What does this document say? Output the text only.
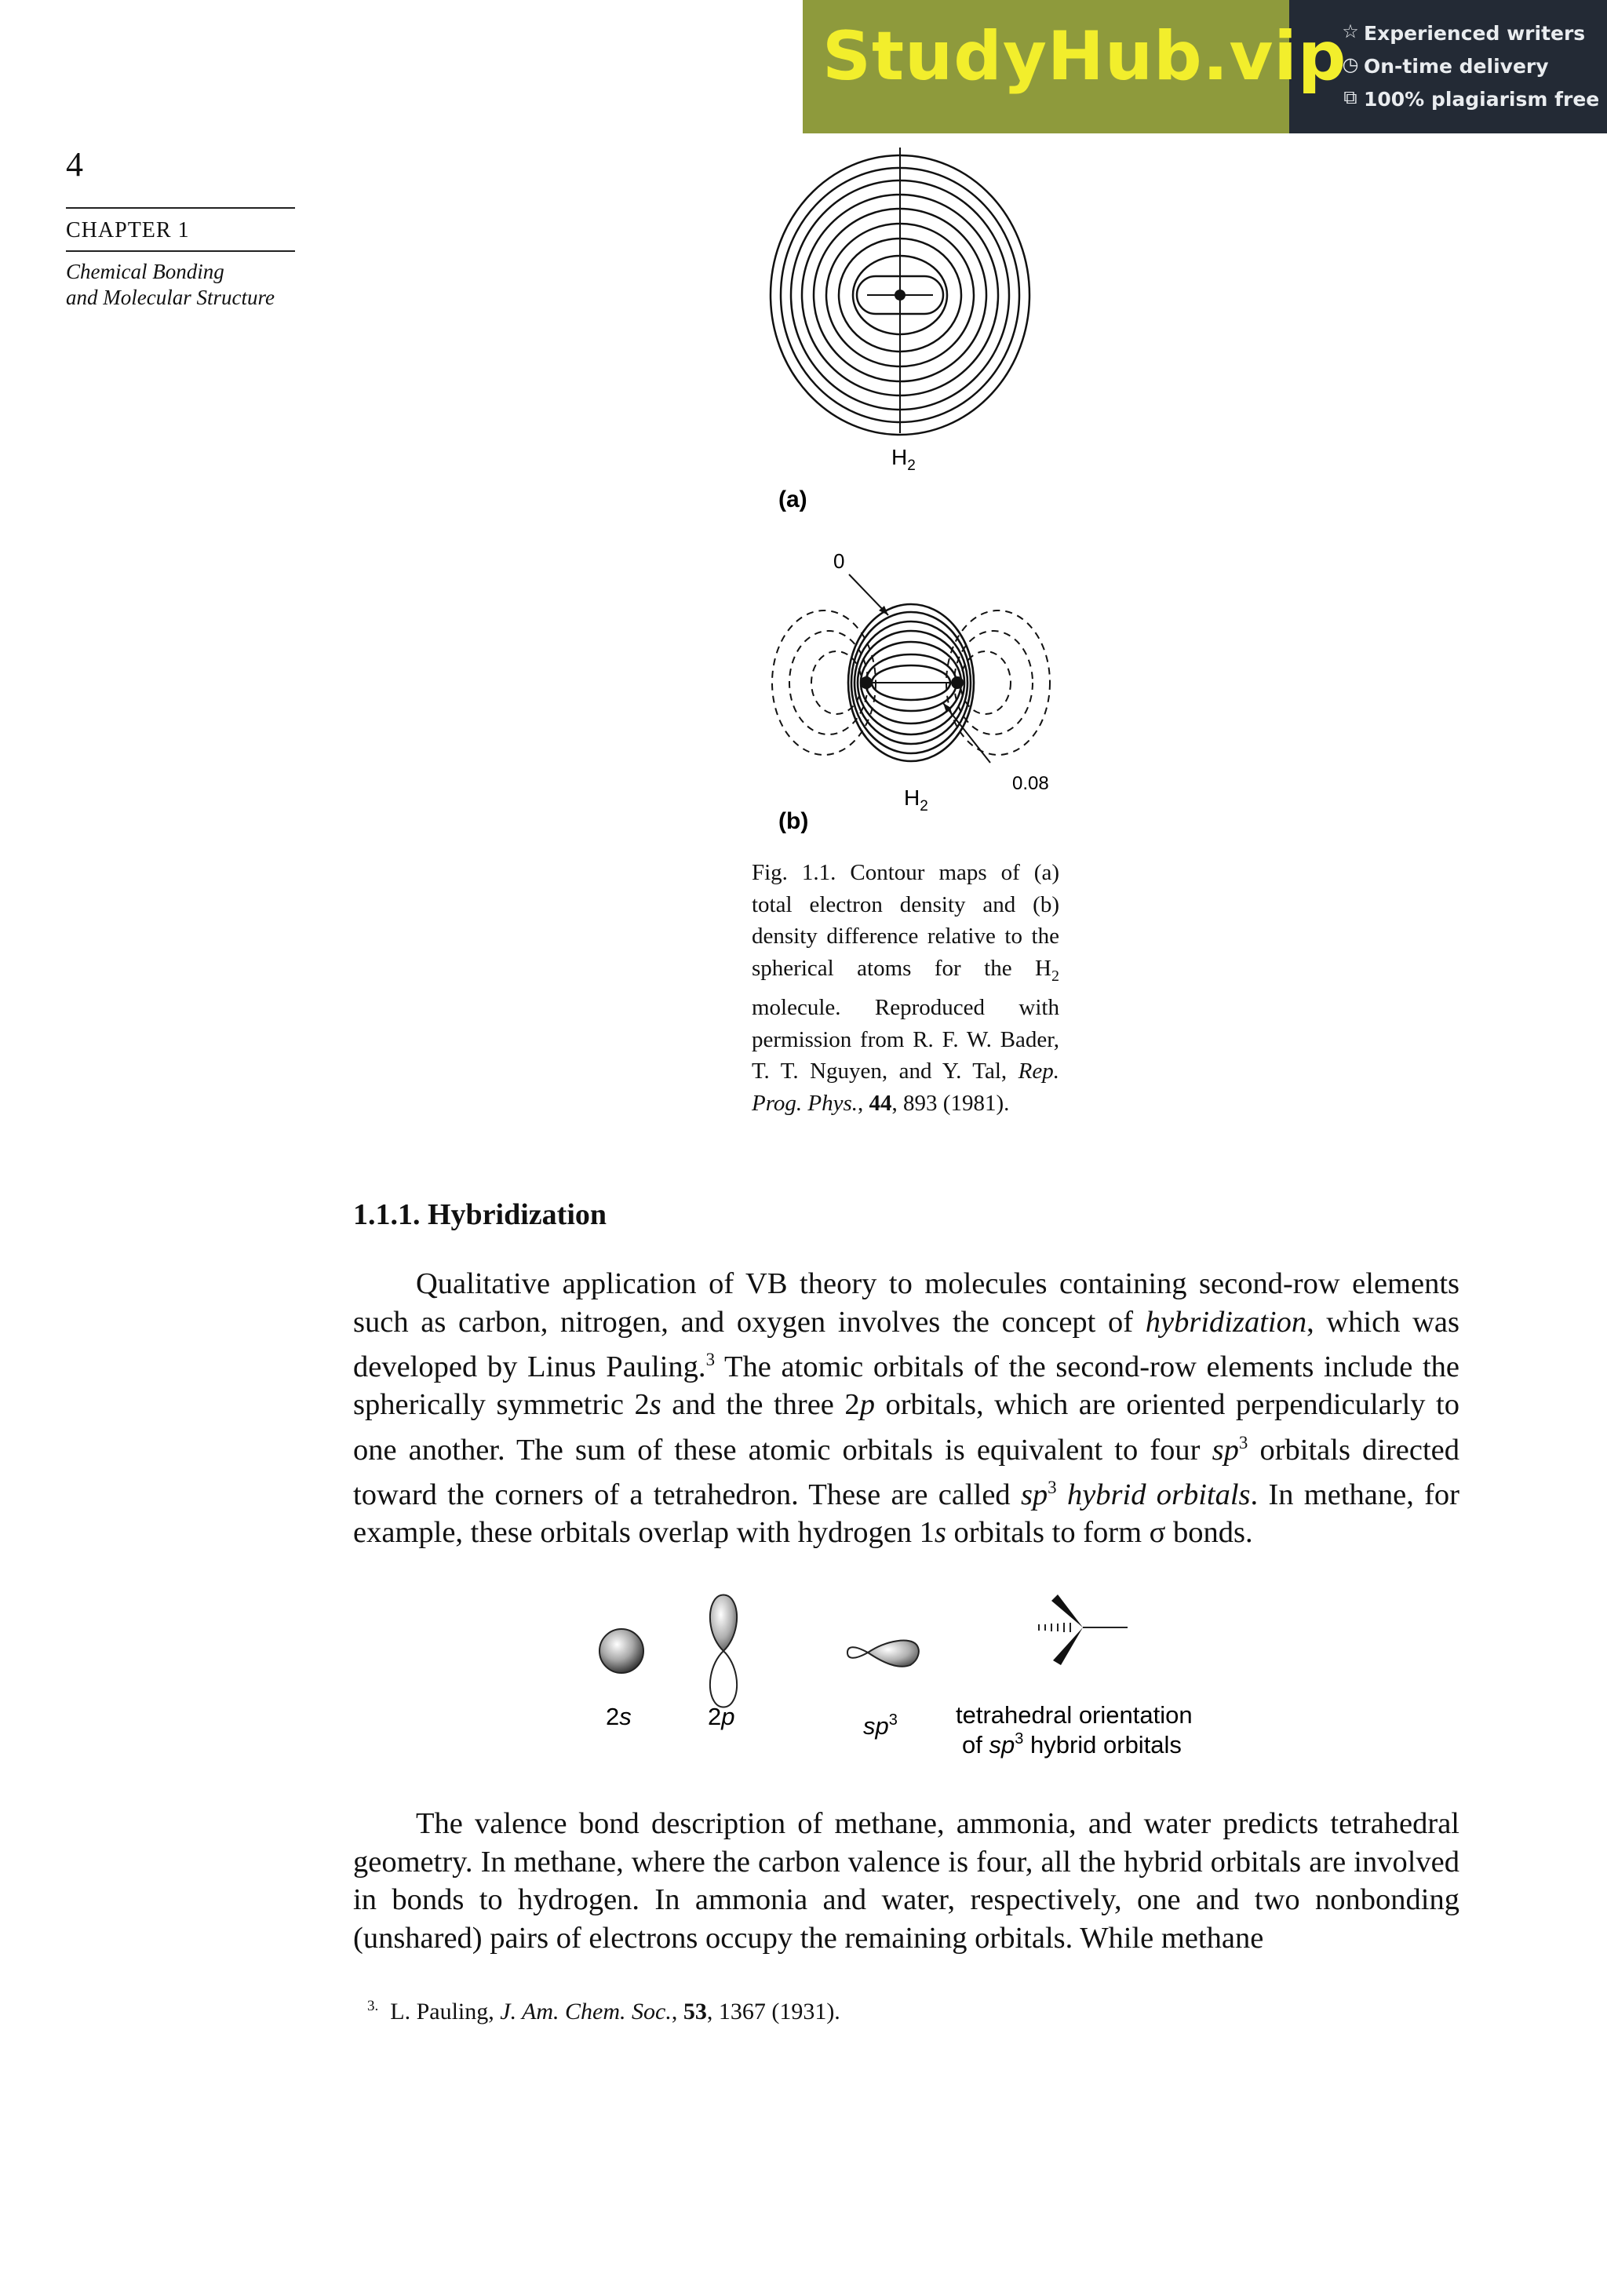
StudyHub.vip
☆ Experienced writers
◷ On-time delivery
⧉ 100% plagiarism free
4
CHAPTER 1
Chemical Bonding
and Molecular Structure
$H_2$
(a)
0
0.08
$H_2$
(b)
Fig. 1.1. Contour maps of (a) total electron density and (b) density difference relative to the spherical atoms for the $H_2$ molecule. Reproduced with permission from R. F. W. Bader, T. T. Nguyen, and Y. Tal, Rep. Prog. Phys., 44, 893 (1981).
1.1.1. Hybridization

Qualitative application of VB theory to molecules containing second-row elements such as carbon, nitrogen, and oxygen involves the concept of hybridization, which was developed by Linus Pauling.$^3$ The atomic orbitals of the second-row elements include the spherically symmetric 2s and the three 2p orbitals, which are oriented perpendicularly to one another. The sum of these atomic orbitals is equivalent to four $sp^3$ orbitals directed toward the corners of a tetrahedron. These are called $sp^3$ hybrid orbitals. In methane, for example, these orbitals overlap with hydrogen 1s orbitals to form σ bonds.

2s	2p	$sp^3$ tetrahedral orientation
of $sp^3$ hybrid orbitals

The valence bond description of methane, ammonia, and water predicts tetrahedral geometry. In methane, where the carbon valence is four, all the hybrid orbitals are involved in bonds to hydrogen. In ammonia and water, respectively, one and two nonbonding (unshared) pairs of electrons occupy the remaining orbitals. While methane

$^{3.}$ L. Pauling, J. Am. Chem. Soc., 53, 1367 (1931).
